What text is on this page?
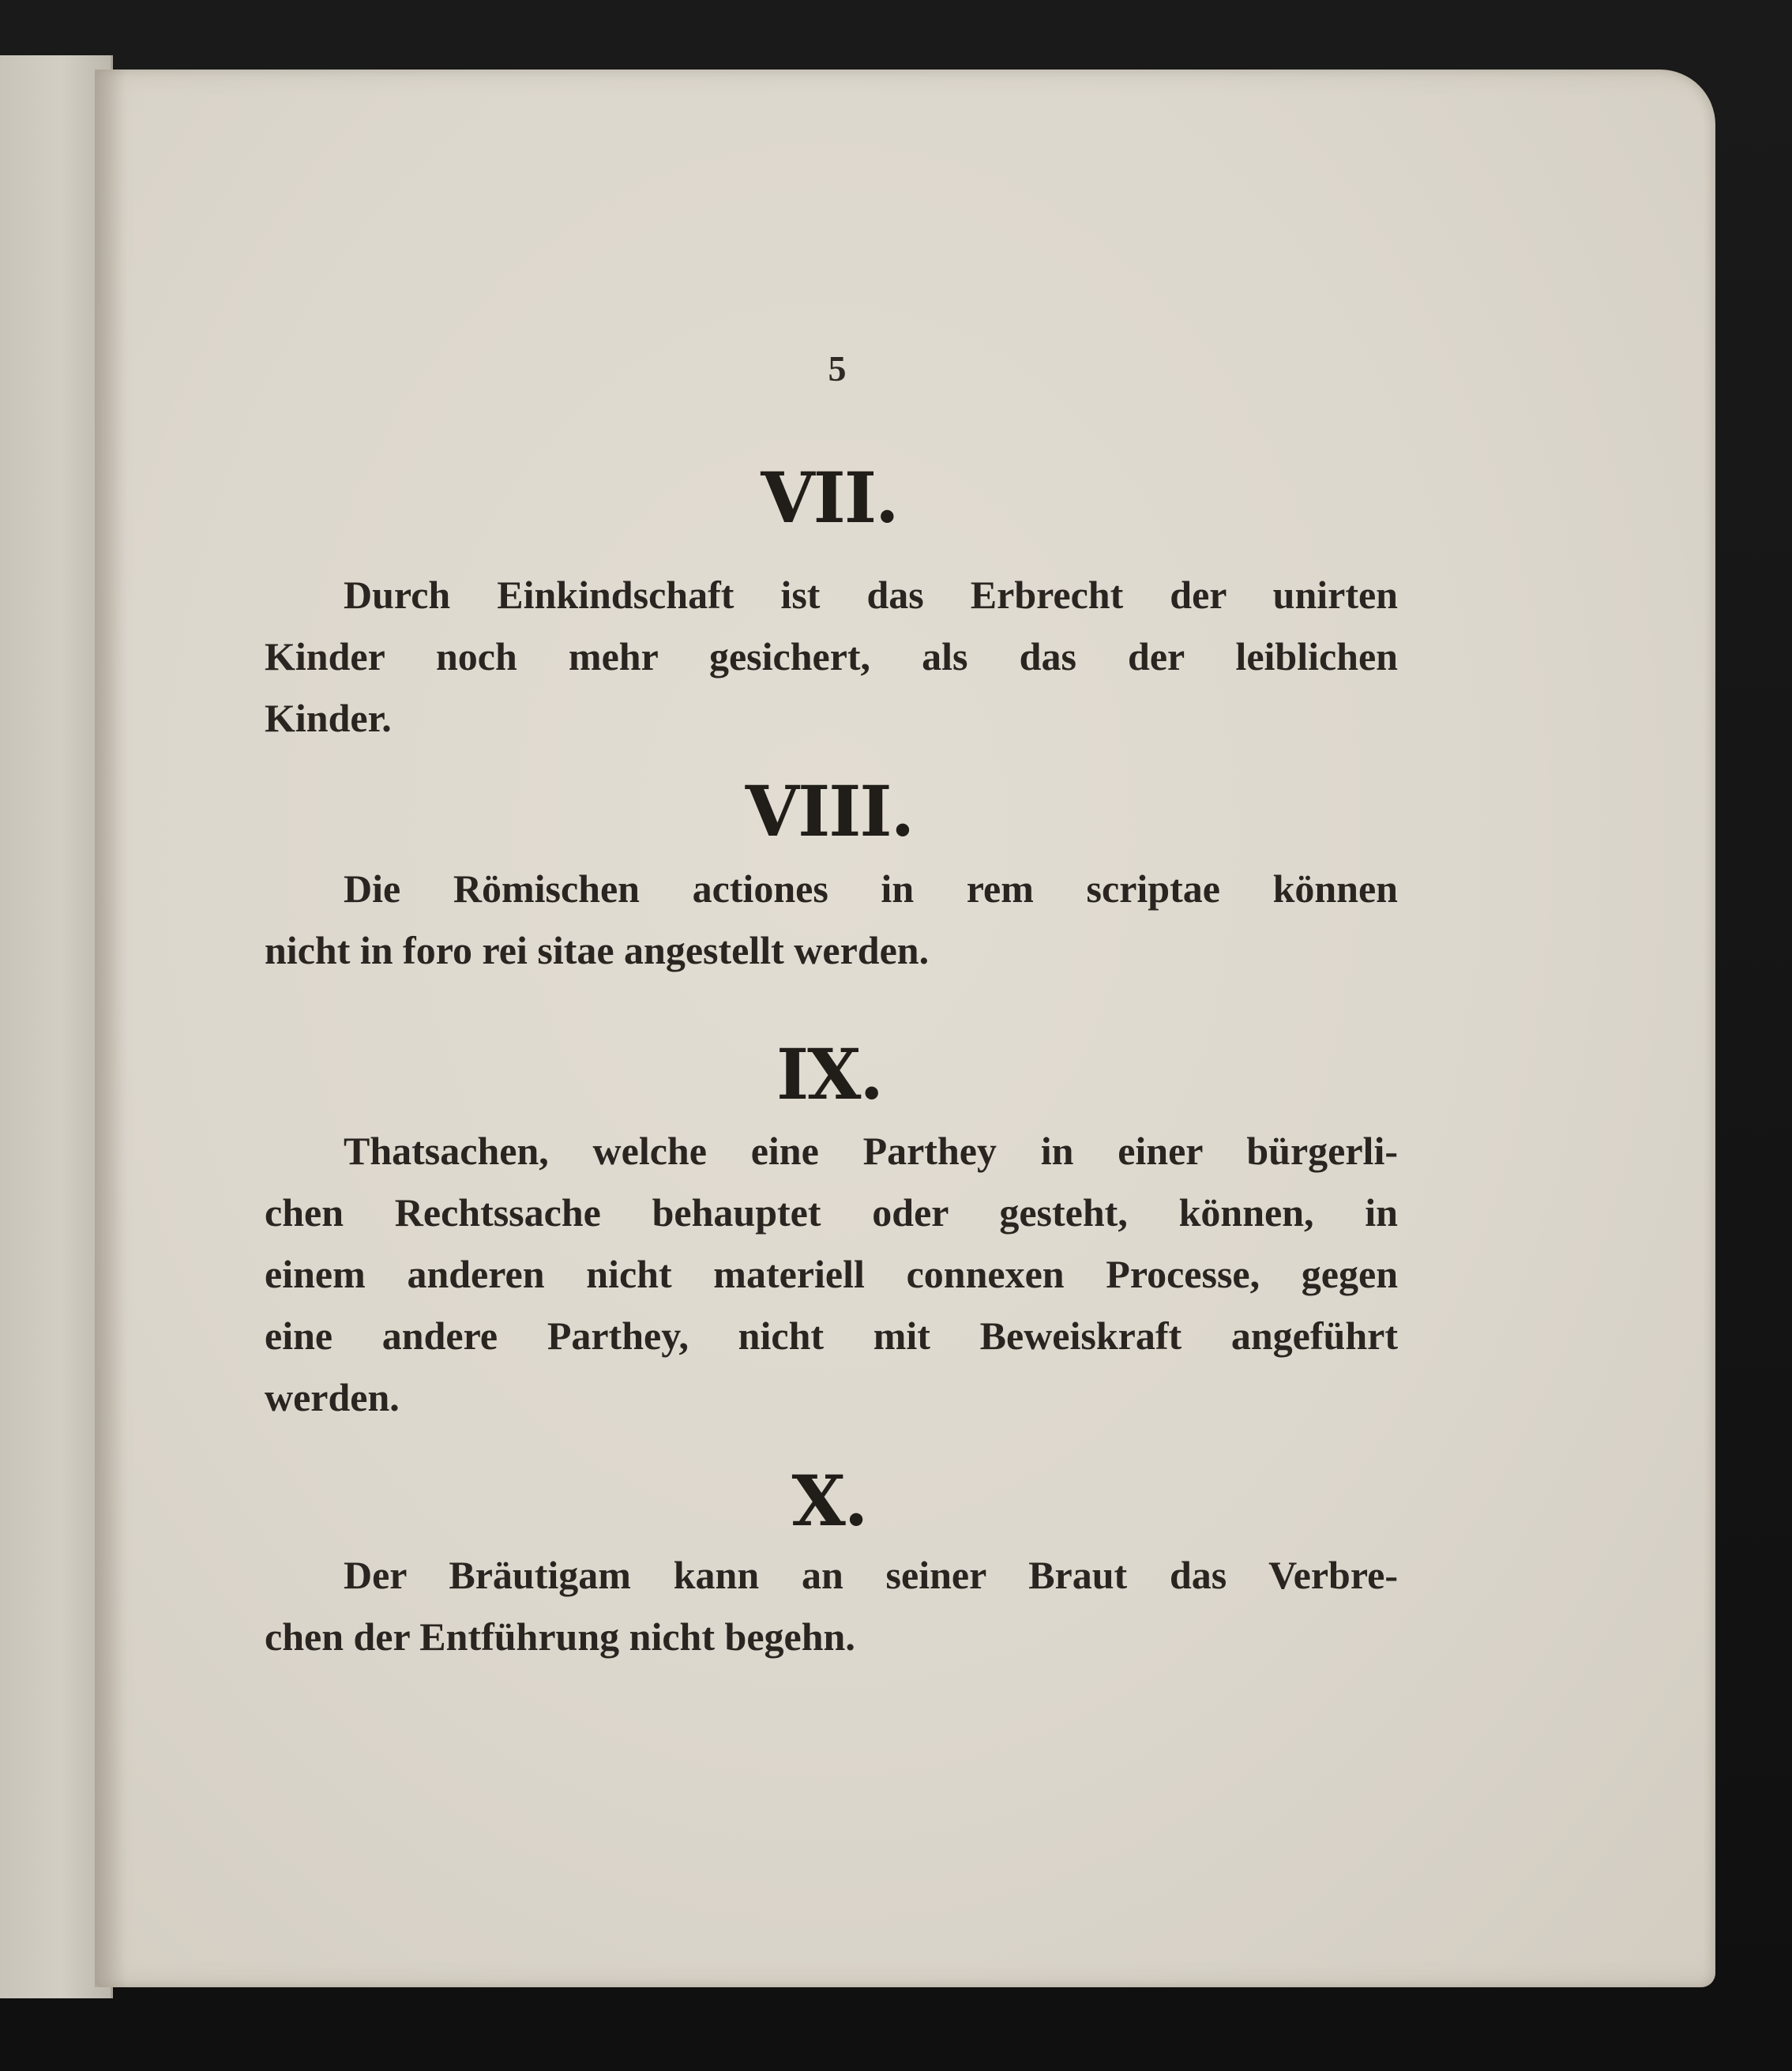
5
VII.
Durch Einkindschaft ist das Erbrecht der unirten
Kinder noch mehr gesichert, als das der leiblichen
Kinder.
VIII.
Die Römischen actiones in rem scriptae können
nicht in foro rei sitae angestellt werden.
IX.
Thatsachen, welche eine Parthey in einer bürgerli-
chen Rechtssache behauptet oder gesteht, können, in
einem anderen nicht materiell connexen Processe, gegen
eine andere Parthey, nicht mit Beweiskraft angeführt
werden.
X.
Der Bräutigam kann an seiner Braut das Verbre-
chen der Entführung nicht begehn.
